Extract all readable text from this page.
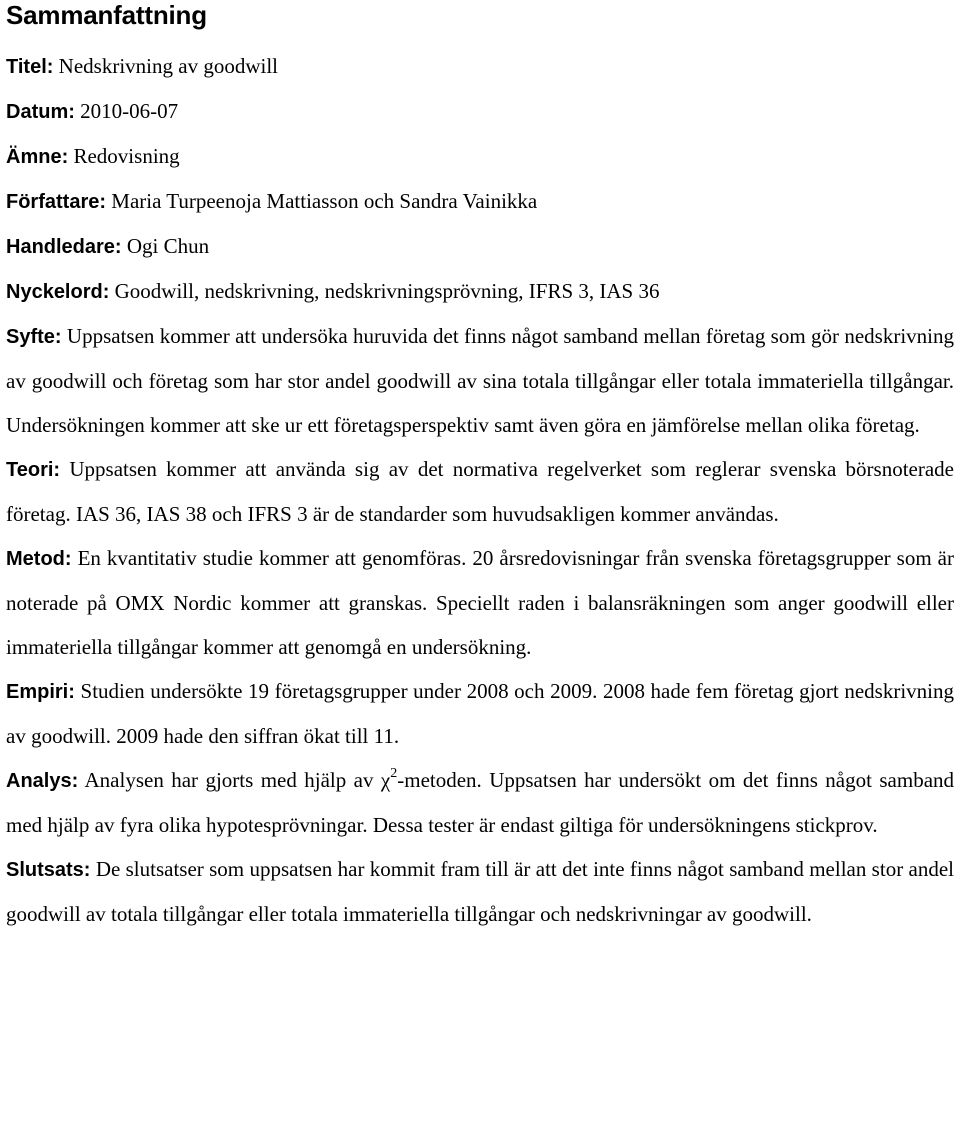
Sammanfattning

Titel: Nedskrivning av goodwill

Datum: 2010-06-07

Ämne: Redovisning

Författare: Maria Turpeenoja Mattiasson och Sandra Vainikka

Handledare: Ogi Chun

Nyckelord: Goodwill, nedskrivning, nedskrivningsprövning, IFRS 3, IAS 36

Syfte: Uppsatsen kommer att undersöka huruvida det finns något samband mellan företag som gör nedskrivning av goodwill och företag som har stor andel goodwill av sina totala tillgångar eller totala immateriella tillgångar. Undersökningen kommer att ske ur ett företagsperspektiv samt även göra en jämförelse mellan olika företag.

Teori: Uppsatsen kommer att använda sig av det normativa regelverket som reglerar svenska börsnoterade företag. IAS 36, IAS 38 och IFRS 3 är de standarder som huvudsakligen kommer användas.

Metod: En kvantitativ studie kommer att genomföras. 20 årsredovisningar från svenska företagsgrupper som är noterade på OMX Nordic kommer att granskas. Speciellt raden i balansräkningen som anger goodwill eller immateriella tillgångar kommer att genomgå en undersökning.

Empiri: Studien undersökte 19 företagsgrupper under 2008 och 2009. 2008 hade fem företag gjort nedskrivning av goodwill. 2009 hade den siffran ökat till 11.

Analys: Analysen har gjorts med hjälp av $\chi^2$-metoden. Uppsatsen har undersökt om det finns något samband med hjälp av fyra olika hypotesprövningar. Dessa tester är endast giltiga för undersökningens stickprov.

Slutsats: De slutsatser som uppsatsen har kommit fram till är att det inte finns något samband mellan stor andel goodwill av totala tillgångar eller totala immateriella tillgångar och nedskrivningar av goodwill.
